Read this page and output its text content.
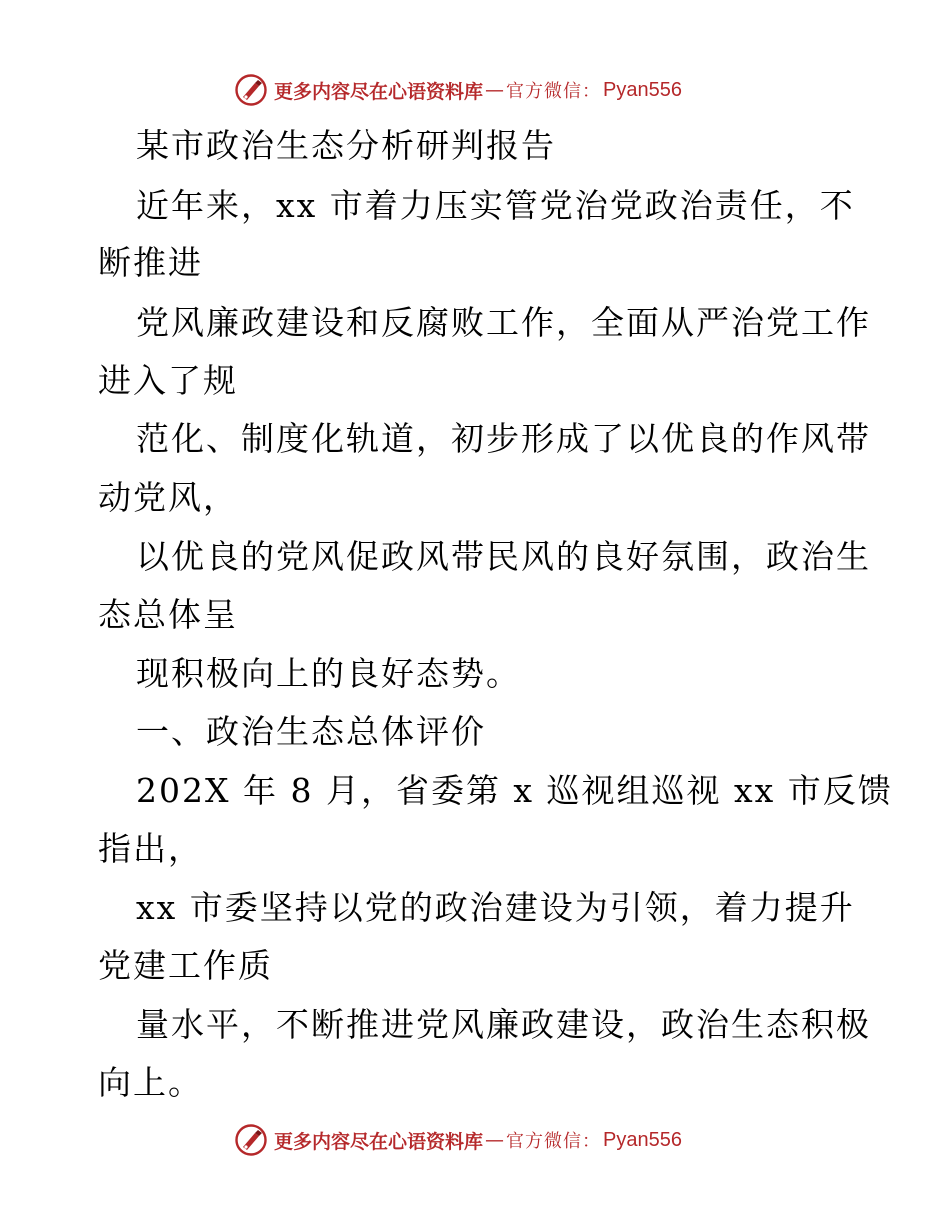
更多内容尽在心语资料库 — 官方微信： Pyan556
某市政治生态分析研判报告
近年来，xx 市着力压实管党治党政治责任，不
断推进
党风廉政建设和反腐败工作，全面从严治党工作
进入了规
范化、制度化轨道，初步形成了以优良的作风带
动党风，
以优良的党风促政风带民风的良好氛围，政治生
态总体呈
现积极向上的良好态势。
一、政治生态总体评价
202X 年 8 月，省委第 x 巡视组巡视 xx 市反馈
指出，
xx 市委坚持以党的政治建设为引领，着力提升
党建工作质
量水平，不断推进党风廉政建设，政治生态积极
向上。
更多内容尽在心语资料库 — 官方微信： Pyan556
